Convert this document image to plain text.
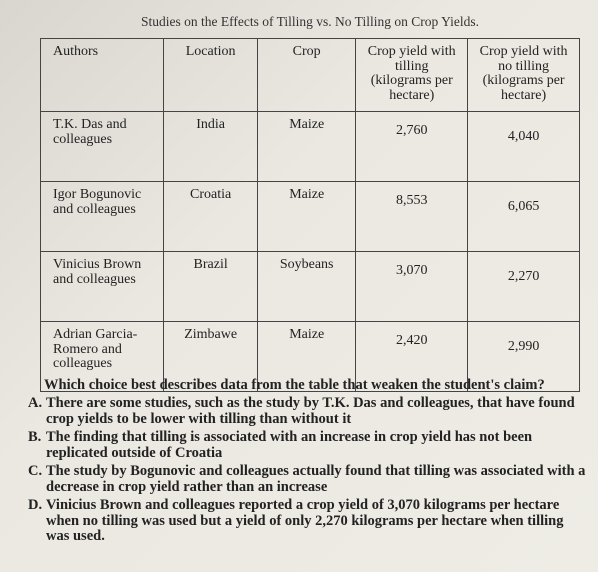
Studies on the Effects of Tilling vs. No Tilling on Crop Yields.
Authors	Location	Crop	Crop yield with tilling (kilograms per hectare)	Crop yield with no tilling (kilograms per hectare)
T.K. Das and colleagues	India	Maize	2,760	4,040
Igor Bogunovic and colleagues	Croatia	Maize	8,553	6,065
Vinicius Brown and colleagues	Brazil	Soybeans	3,070	2,270
Adrian Garcia-Romero and colleagues	Zimbawe	Maize	2,420	2,990
Which choice best describes data from the table that weaken the student's claim?
A. There are some studies, such as the study by T.K. Das and colleagues, that have found crop yields to be lower with tilling than without it
B. The finding that tilling is associated with an increase in crop yield has not been replicated outside of Croatia
C. The study by Bogunovic and colleagues actually found that tilling was associated with a decrease in crop yield rather than an increase
D. Vinicius Brown and colleagues reported a crop yield of 3,070 kilograms per hectare when no tilling was used but a yield of only 2,270 kilograms per hectare when tilling was used.
